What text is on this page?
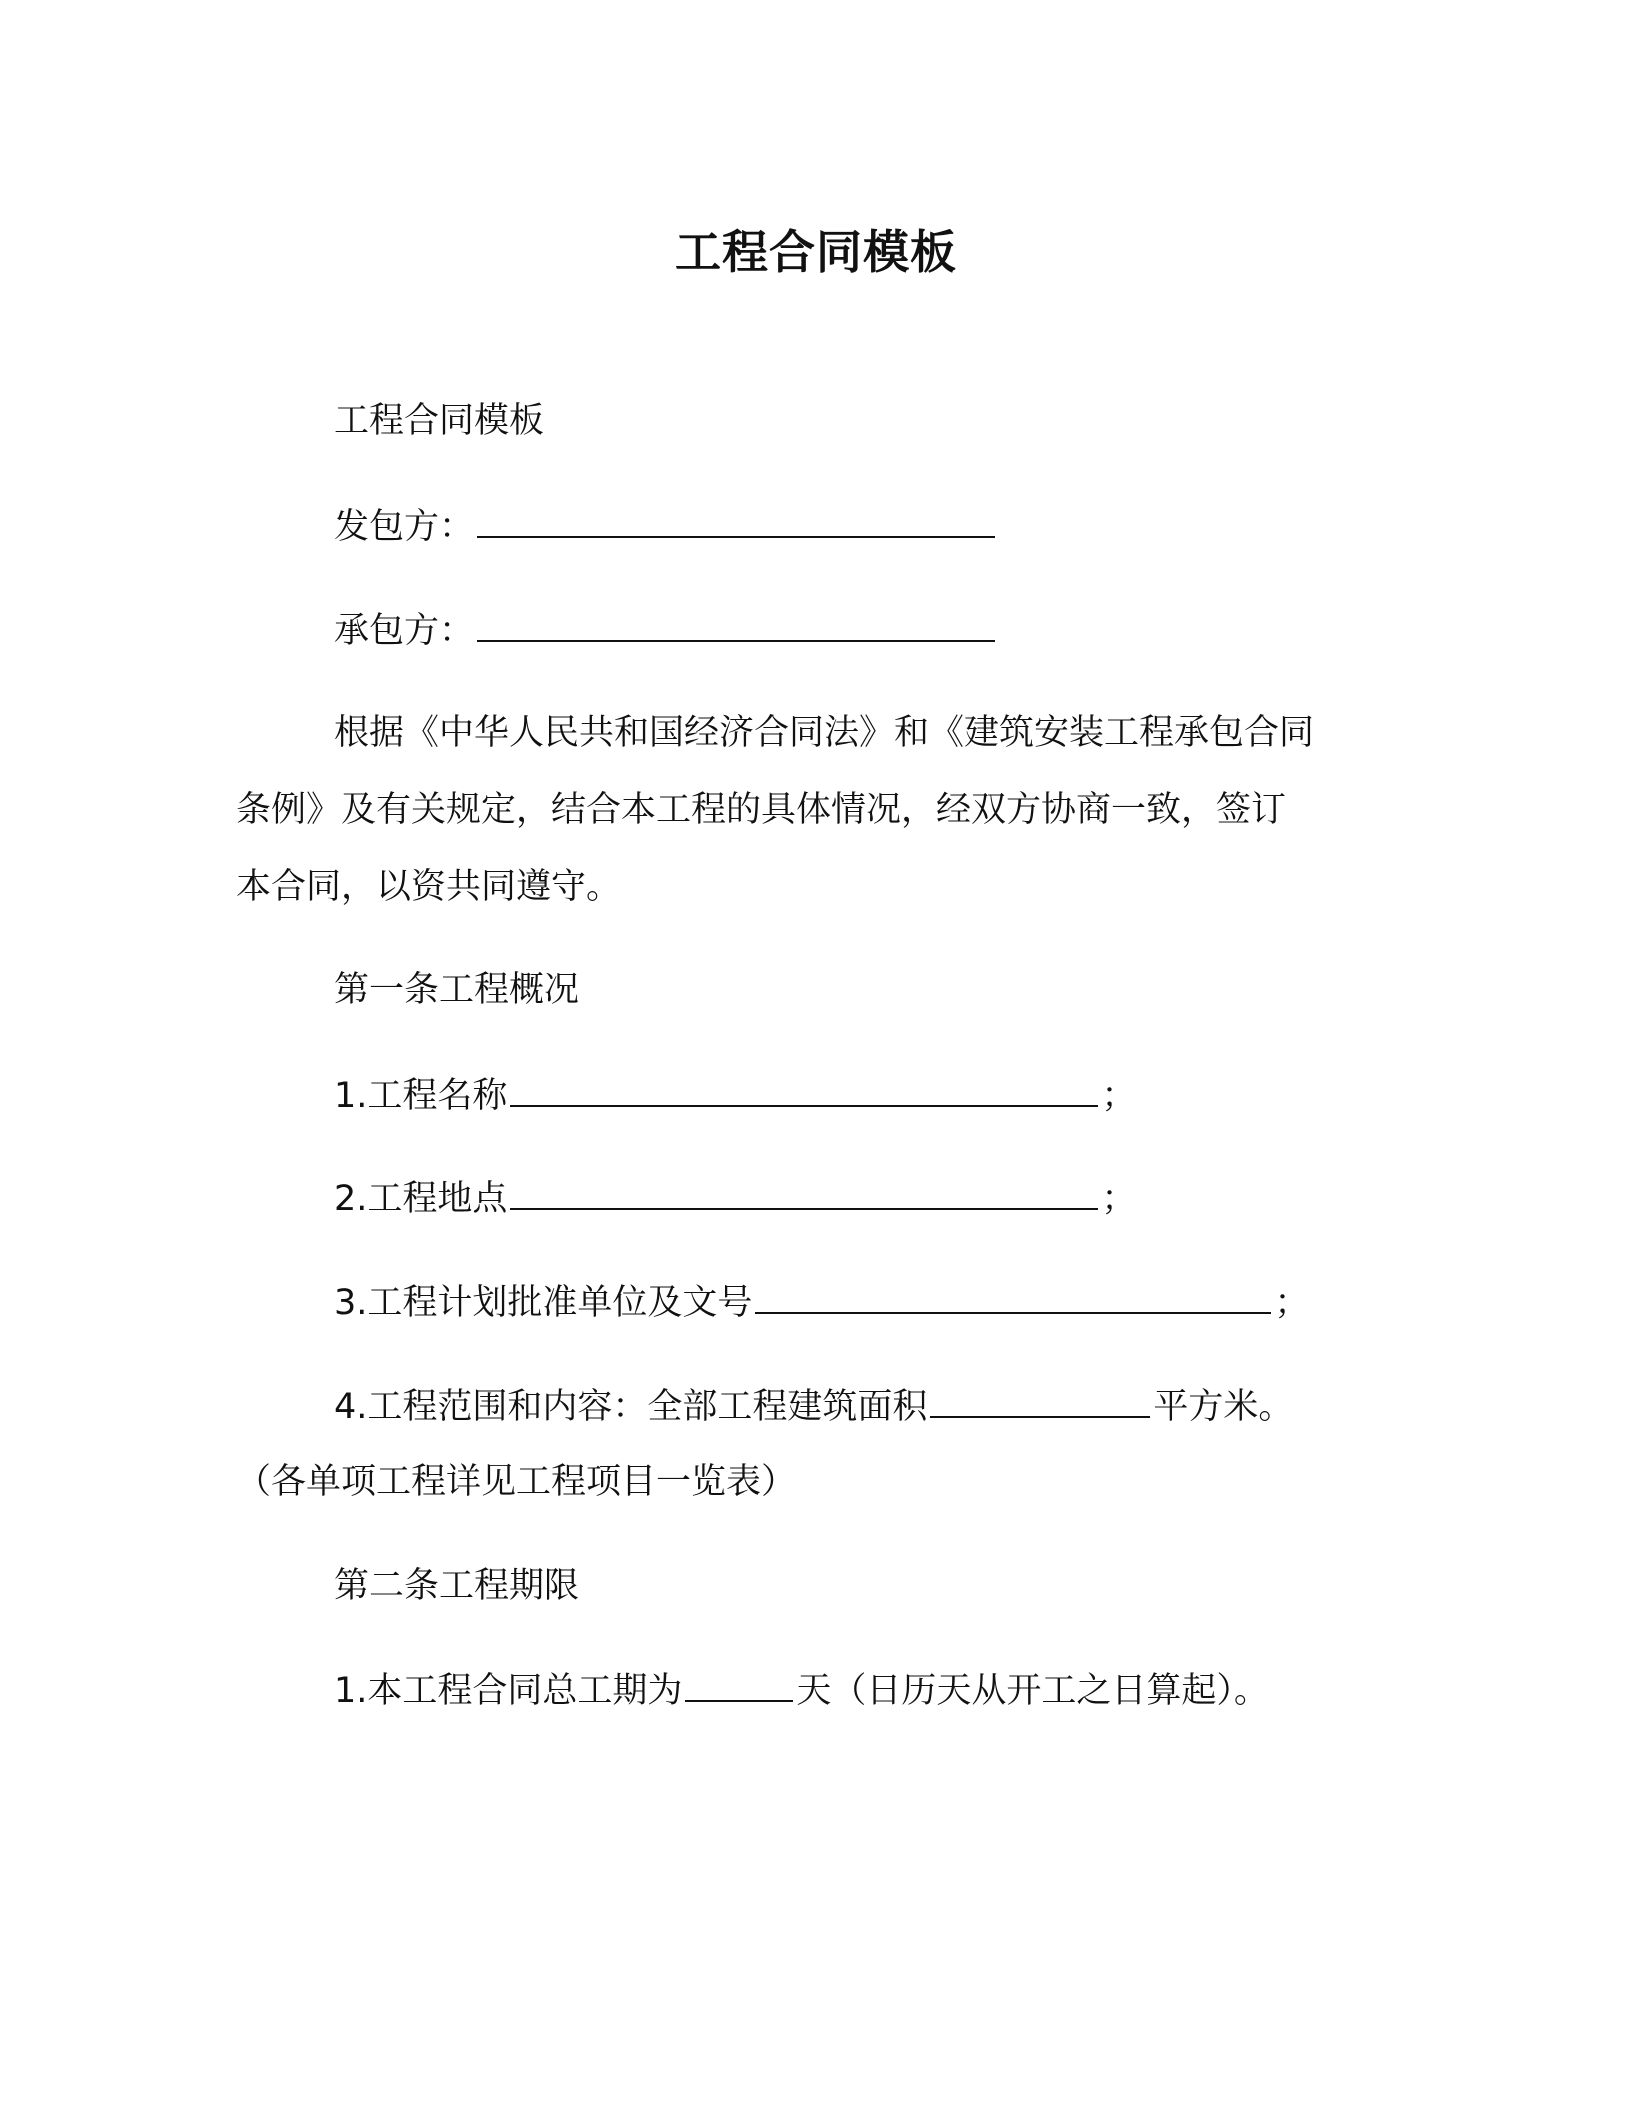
工程合同模板
工程合同模板
发包方：
承包方：
根据《中华人民共和国经济合同法》和《建筑安装工程承包合同
条例》及有关规定，结合本工程的具体情况，经双方协商一致，签订
本合同，以资共同遵守。
第一条工程概况
1.工程名称	；
2.工程地点	；
3.工程计划批准单位及文号	；
4.工程范围和内容：全部工程建筑面积	平方米。
（各单项工程详见工程项目一览表）
第二条工程期限
1.本工程合同总工期为	天（日历天从开工之日算起）。
